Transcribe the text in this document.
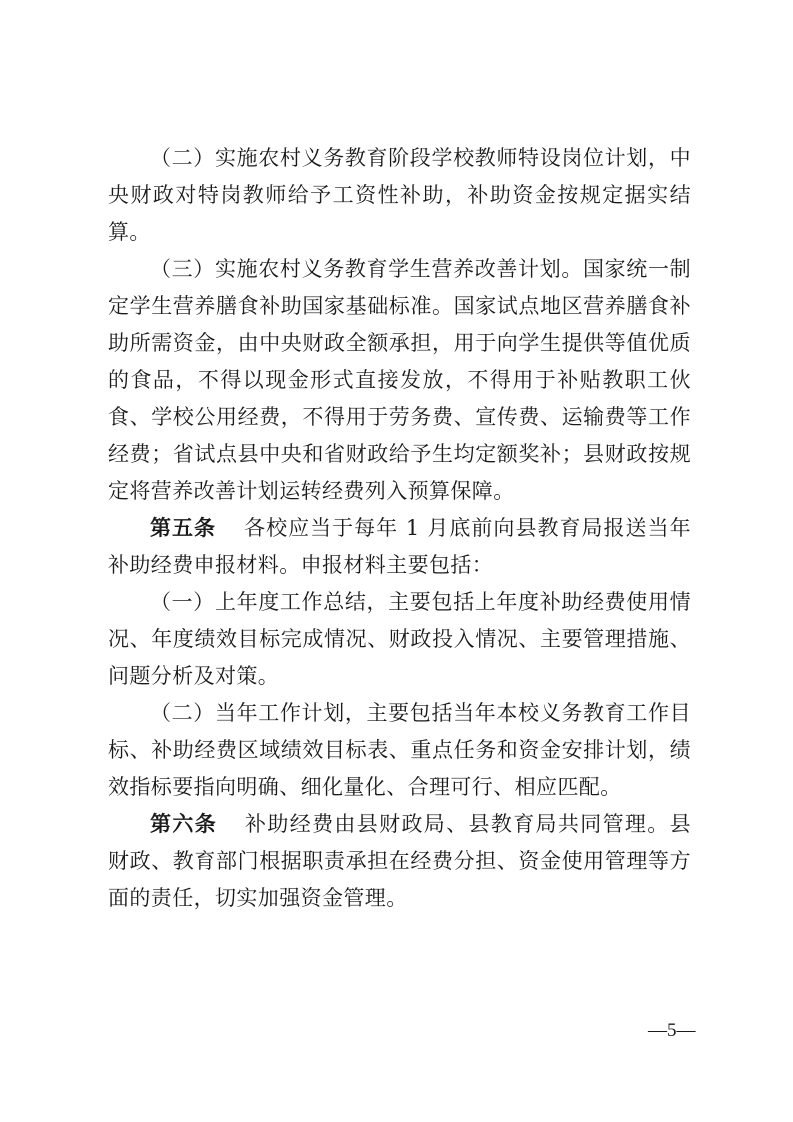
（二）实施农村义务教育阶段学校教师特设岗位计划，中央财政对特岗教师给予工资性补助，补助资金按规定据实结算。

（三）实施农村义务教育学生营养改善计划。国家统一制定学生营养膳食补助国家基础标准。国家试点地区营养膳食补助所需资金，由中央财政全额承担，用于向学生提供等值优质的食品，不得以现金形式直接发放，不得用于补贴教职工伙食、学校公用经费，不得用于劳务费、宣传费、运输费等工作经费；省试点县中央和省财政给予生均定额奖补；县财政按规定将营养改善计划运转经费列入预算保障。

第五条 各校应当于每年 1 月底前向县教育局报送当年补助经费申报材料。申报材料主要包括：

（一）上年度工作总结，主要包括上年度补助经费使用情况、年度绩效目标完成情况、财政投入情况、主要管理措施、问题分析及对策。

（二）当年工作计划，主要包括当年本校义务教育工作目标、补助经费区域绩效目标表、重点任务和资金安排计划，绩效指标要指向明确、细化量化、合理可行、相应匹配。

第六条 补助经费由县财政局、县教育局共同管理。县财政、教育部门根据职责承担在经费分担、资金使用管理等方面的责任，切实加强资金管理。

—5—
